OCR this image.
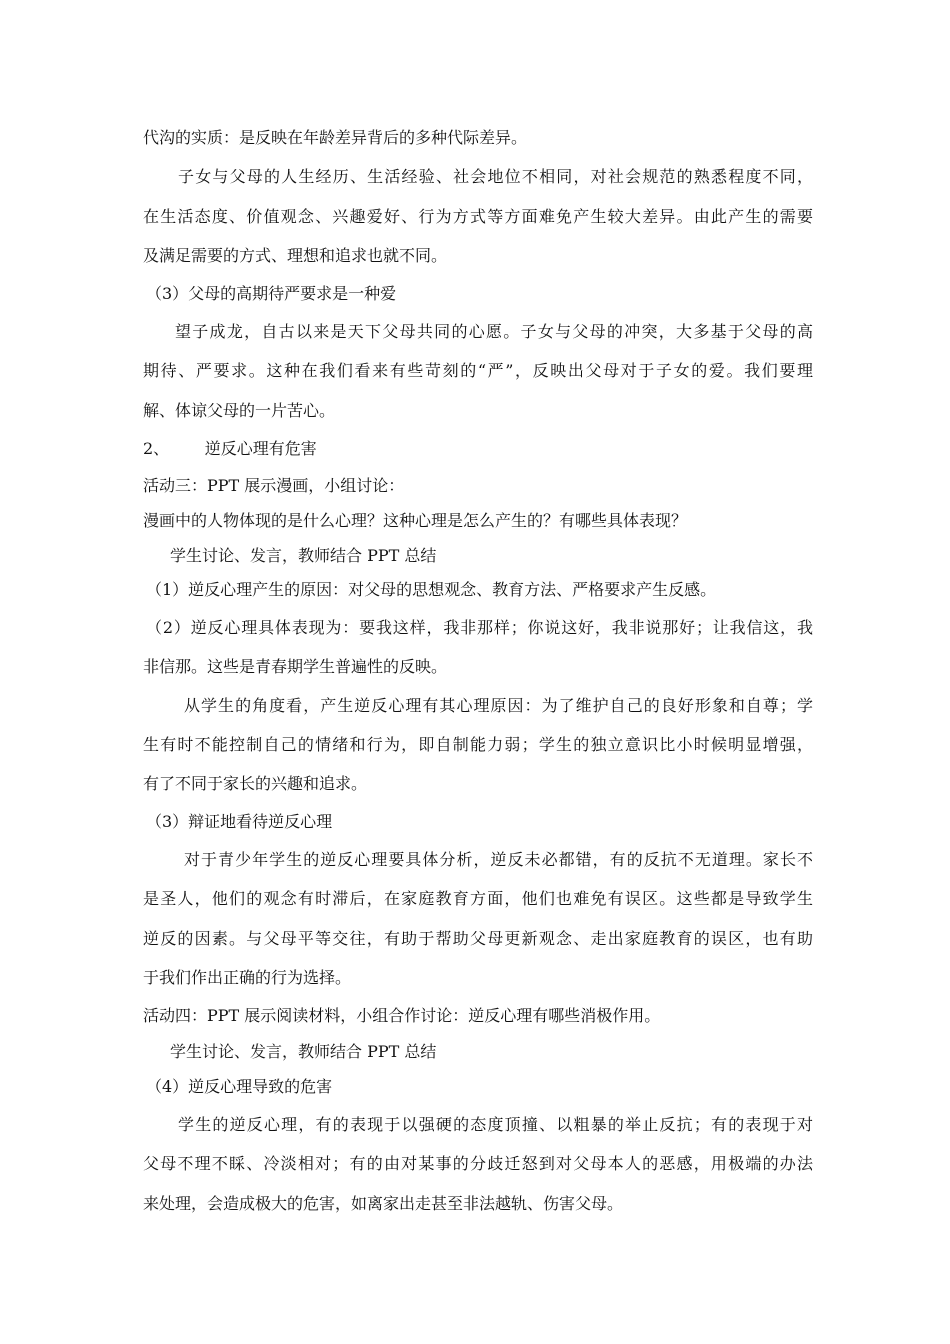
代沟的实质：是反映在年龄差异背后的多种代际差异。
子女与父母的人生经历、生活经验、社会地位不相同，对社会规范的熟悉程度不同，
在生活态度、价值观念、兴趣爱好、行为方式等方面难免产生较大差异。由此产生的需要
及满足需要的方式、理想和追求也就不同。
（3）父母的高期待严要求是一种爱
望子成龙，自古以来是天下父母共同的心愿。子女与父母的冲突，大多基于父母的高
期待、严要求。这种在我们看来有些苛刻的“严”，反映出父母对于子女的爱。我们要理
解、体谅父母的一片苦心。
2、       逆反心理有危害
活动三：PPT 展示漫画，小组讨论：
漫画中的人物体现的是什么心理？这种心理是怎么产生的？有哪些具体表现？
学生讨论、发言，教师结合 PPT 总结
（1）逆反心理产生的原因：对父母的思想观念、教育方法、严格要求产生反感。
（2）逆反心理具体表现为：要我这样，我非那样；你说这好，我非说那好；让我信这，我
非信那。这些是青春期学生普遍性的反映。
从学生的角度看，产生逆反心理有其心理原因：为了维护自己的良好形象和自尊；学
生有时不能控制自己的情绪和行为，即自制能力弱；学生的独立意识比小时候明显增强，
有了不同于家长的兴趣和追求。
（3）辩证地看待逆反心理
对于青少年学生的逆反心理要具体分析，逆反未必都错，有的反抗不无道理。家长不
是圣人，他们的观念有时滞后，在家庭教育方面，他们也难免有误区。这些都是导致学生
逆反的因素。与父母平等交往，有助于帮助父母更新观念、走出家庭教育的误区，也有助
于我们作出正确的行为选择。
活动四：PPT 展示阅读材料，小组合作讨论：逆反心理有哪些消极作用。
学生讨论、发言，教师结合 PPT 总结
（4）逆反心理导致的危害
学生的逆反心理，有的表现于以强硬的态度顶撞、以粗暴的举止反抗；有的表现于对
父母不理不睬、冷淡相对；有的由对某事的分歧迁怒到对父母本人的恶感，用极端的办法
来处理，会造成极大的危害，如离家出走甚至非法越轨、伤害父母。
